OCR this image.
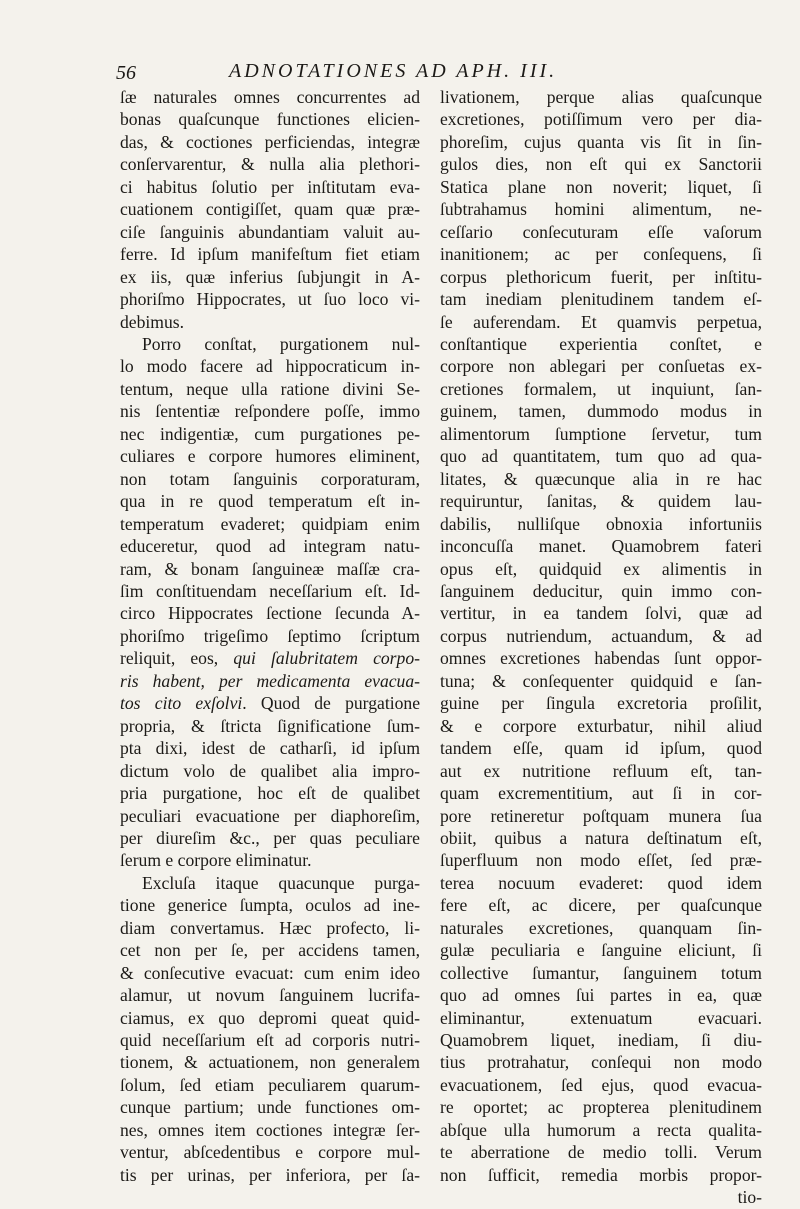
56	ADNOTATIONES AD APH. III.
ſæ naturales omnes concurrentes ad
bonas quaſcunque functiones elicien-
das, & coctiones perficiendas, integræ
conſervarentur, & nulla alia plethori-
ci habitus ſolutio per inſtitutam eva-
cuationem contigiſſet, quam quæ præ-
ciſe ſanguinis abundantiam valuit au-
ferre. Id ipſum manifeſtum fiet etiam
ex iis, quæ inferius ſubjungit in A-
phoriſmo Hippocrates, ut ſuo loco vi-
debimus.
Porro conſtat, purgationem nul-
lo modo facere ad hippocraticum in-
tentum, neque ulla ratione divini Se-
nis ſententiæ reſpondere poſſe, immo
nec indigentiæ, cum purgationes pe-
culiares e corpore humores eliminent,
non totam ſanguinis corporaturam,
qua in re quod temperatum eſt in-
temperatum evaderet; quidpiam enim
educeretur, quod ad integram natu-
ram, & bonam ſanguineæ maſſæ cra-
ſim conſtituendam neceſſarium eſt. Id-
circo Hippocrates ſectione ſecunda A-
phoriſmo trigeſimo ſeptimo ſcriptum
reliquit, eos, qui ſalubritatem corpo-
ris habent, per medicamenta evacua-
tos cito exſolvi. Quod de purgatione
propria, & ſtricta ſignificatione ſum-
pta dixi, idest de catharſi, id ipſum
dictum volo de qualibet alia impro-
pria purgatione, hoc eſt de qualibet
peculiari evacuatione per diaphoreſim,
per diureſim &c., per quas peculiare
ſerum e corpore eliminatur.
Excluſa itaque quacunque purga-
tione generice ſumpta, oculos ad ine-
diam convertamus. Hæc profecto, li-
cet non per ſe, per accidens tamen,
& conſecutive evacuat: cum enim ideo
alamur, ut novum ſanguinem lucrifa-
ciamus, ex quo depromi queat quid-
quid neceſſarium eſt ad corporis nutri-
tionem, & actuationem, non generalem
ſolum, ſed etiam peculiarem quarum-
cunque partium; unde functiones om-
nes, omnes item coctiones integræ ſer-
ventur, abſcedentibus e corpore mul-
tis per urinas, per inferiora, per ſa-
livationem, perque alias quaſcunque
excretiones, potiſſimum vero per dia-
phoreſim, cujus quanta vis ſit in ſin-
gulos dies, non eſt qui ex Sanctorii
Statica plane non noverit; liquet, ſi
ſubtrahamus homini alimentum, ne-
ceſſario conſecuturam eſſe vaſorum
inanitionem; ac per conſequens, ſi
corpus plethoricum fuerit, per inſtitu-
tam inediam plenitudinem tandem eſ-
ſe auferendam. Et quamvis perpetua,
conſtantique experientia conſtet, e
corpore non ablegari per conſuetas ex-
cretiones formalem, ut inquiunt, ſan-
guinem, tamen, dummodo modus in
alimentorum ſumptione ſervetur, tum
quo ad quantitatem, tum quo ad qua-
litates, & quæcunque alia in re hac
requiruntur, ſanitas, & quidem lau-
dabilis, nulliſque obnoxia infortuniis
inconcuſſa manet. Quamobrem fateri
opus eſt, quidquid ex alimentis in
ſanguinem deducitur, quin immo con-
vertitur, in ea tandem ſolvi, quæ ad
corpus nutriendum, actuandum, & ad
omnes excretiones habendas ſunt oppor-
tuna; & conſequenter quidquid e ſan-
guine per ſingula excretoria proſilit,
& e corpore exturbatur, nihil aliud
tandem eſſe, quam id ipſum, quod
aut ex nutritione refluum eſt, tan-
quam excrementitium, aut ſi in cor-
pore retineretur poſtquam munera ſua
obiit, quibus a natura deſtinatum eſt,
ſuperfluum non modo eſſet, ſed præ-
terea nocuum evaderet: quod idem
fere eſt, ac dicere, per quaſcunque
naturales excretiones, quanquam ſin-
gulæ peculiaria e ſanguine eliciunt, ſi
collective ſumantur, ſanguinem totum
quo ad omnes ſui partes in ea, quæ
eliminantur, extenuatum evacuari.
Quamobrem liquet, inediam, ſi diu-
tius protrahatur, conſequi non modo
evacuationem, ſed ejus, quod evacua-
re oportet; ac propterea plenitudinem
abſque ulla humorum a recta qualita-
te aberratione de medio tolli. Verum
non ſufficit, remedia morbis propor-
tio-
